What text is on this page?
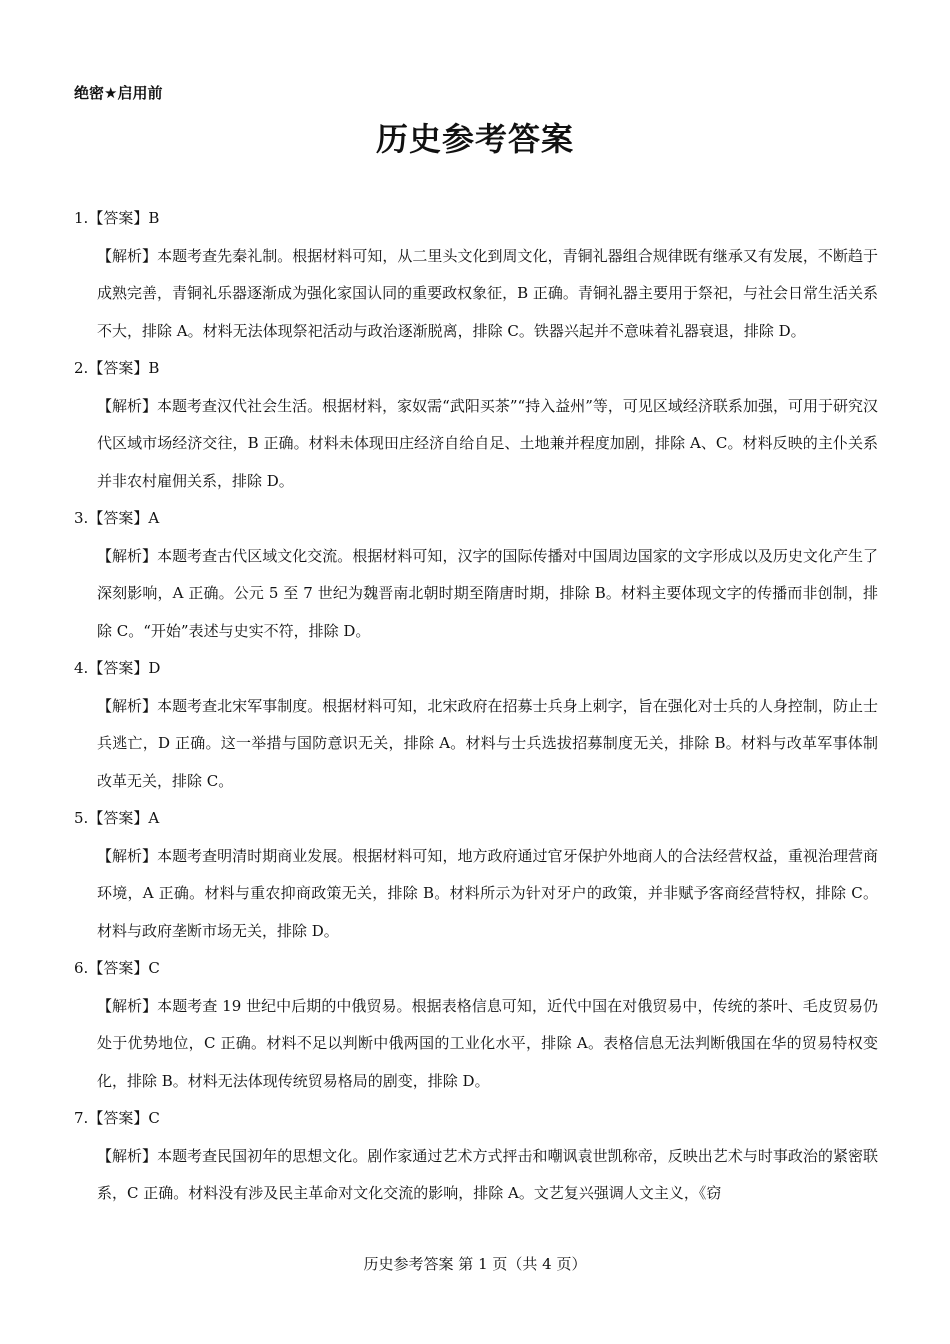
绝密★启用前
历史参考答案
1.【答案】B

【解析】本题考查先秦礼制。根据材料可知，从二里头文化到周文化，青铜礼器组合规律既有继承又有发展，不断趋于成熟完善，青铜礼乐器逐渐成为强化家国认同的重要政权象征，B 正确。青铜礼器主要用于祭祀，与社会日常生活关系不大，排除 A。材料无法体现祭祀活动与政治逐渐脱离，排除 C。铁器兴起并不意味着礼器衰退，排除 D。

2.【答案】B

【解析】本题考查汉代社会生活。根据材料，家奴需“武阳买茶”“持入益州”等，可见区域经济联系加强，可用于研究汉代区域市场经济交往，B 正确。材料未体现田庄经济自给自足、土地兼并程度加剧，排除 A、C。材料反映的主仆关系并非农村雇佣关系，排除 D。

3.【答案】A

【解析】本题考查古代区域文化交流。根据材料可知，汉字的国际传播对中国周边国家的文字形成以及历史文化产生了深刻影响，A 正确。公元 5 至 7 世纪为魏晋南北朝时期至隋唐时期，排除 B。材料主要体现文字的传播而非创制，排除 C。“开始”表述与史实不符，排除 D。

4.【答案】D

【解析】本题考查北宋军事制度。根据材料可知，北宋政府在招募士兵身上刺字，旨在强化对士兵的人身控制，防止士兵逃亡，D 正确。这一举措与国防意识无关，排除 A。材料与士兵选拔招募制度无关，排除 B。材料与改革军事体制改革无关，排除 C。

5.【答案】A

【解析】本题考查明清时期商业发展。根据材料可知，地方政府通过官牙保护外地商人的合法经营权益，重视治理营商环境，A 正确。材料与重农抑商政策无关，排除 B。材料所示为针对牙户的政策，并非赋予客商经营特权，排除 C。材料与政府垄断市场无关，排除 D。

6.【答案】C

【解析】本题考查 19 世纪中后期的中俄贸易。根据表格信息可知，近代中国在对俄贸易中，传统的茶叶、毛皮贸易仍处于优势地位，C 正确。材料不足以判断中俄两国的工业化水平，排除 A。表格信息无法判断俄国在华的贸易特权变化，排除 B。材料无法体现传统贸易格局的剧变，排除 D。

7.【答案】C

【解析】本题考查民国初年的思想文化。剧作家通过艺术方式抨击和嘲讽袁世凯称帝，反映出艺术与时事政治的紧密联系，C 正确。材料没有涉及民主革命对文化交流的影响，排除 A。文艺复兴强调人文主义，《窃

历史参考答案 第 1 页（共 4 页）
